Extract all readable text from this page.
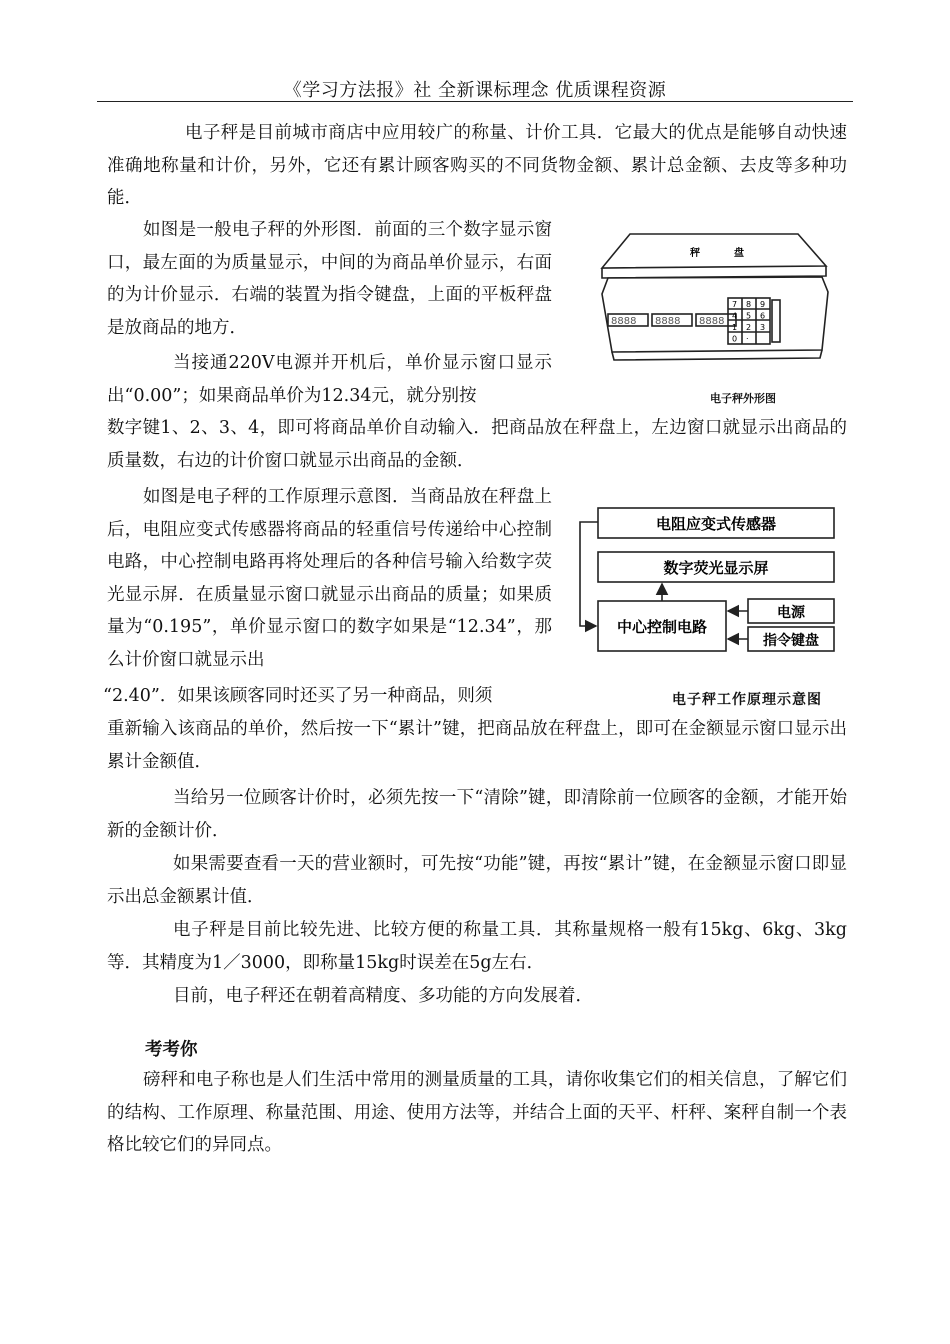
《学习方法报》社 全新课标理念 优质课程资源

电子秤是目前城市商店中应用较广的称量、计价工具．它最大的优点是能够自动快速准确地称量和计价，另外，它还有累计顾客购买的不同货物金额、累计总金额、去皮等多种功能．

如图是一般电子秤的外形图．前面的三个数字显示窗口，最左面的为质量显示，中间的为商品单价显示，右面的为计价显示．右端的装置为指令键盘，上面的平板秤盘是放商品的地方．

当接通220V电源并开机后，单价显示窗口显示出“0.00”；如果商品单价为12.34元，就分别按

数字键1、2、3、4，即可将商品单价自动输入．把商品放在秤盘上，左边窗口就显示出商品的质量数，右边的计价窗口就显示出商品的金额．

如图是电子秤的工作原理示意图．当商品放在秤盘上后，电阻应变式传感器将商品的轻重信号传递给中心控制电路，中心控制电路再将处理后的各种信号输入给数字荧光显示屏．在质量显示窗口就显示出商品的质量；如果质量为“0.195”，单价显示窗口的数字如果是“12.34”，那么计价窗口就显示出

“2.40”．如果该顾客同时还买了另一种商品，则须

重新输入该商品的单价，然后按一下“累计”键，把商品放在秤盘上，即可在金额显示窗口显示出累计金额值．

当给另一位顾客计价时，必须先按一下“清除”键，即清除前一位顾客的金额，才能开始新的金额计价．

如果需要查看一天的营业额时，可先按“功能”键，再按“累计”键，在金额显示窗口即显示出总金额累计值．

电子秤是目前比较先进、比较方便的称量工具．其称量规格一般有15kg、6kg、3kg等．其精度为1／3000，即称量15kg时误差在5g左右．

目前，电子秤还在朝着高精度、多功能的方向发展着．

考考你

磅秤和电子称也是人们生活中常用的测量质量的工具，请你收集它们的相关信息，了解它们的结构、工作原理、称量范围、用途、使用方法等，并结合上面的天平、杆秤、案秤自制一个表格比较它们的异同点。

秤	盘
8888 8888 8888
7 8 9
4 5 6
1 2 3
0 ·
电子秤外形图
电阻应变式传感器
数字荧光显示屏
中心控制电路
电源
指令键盘
电子秤工作原理示意图
